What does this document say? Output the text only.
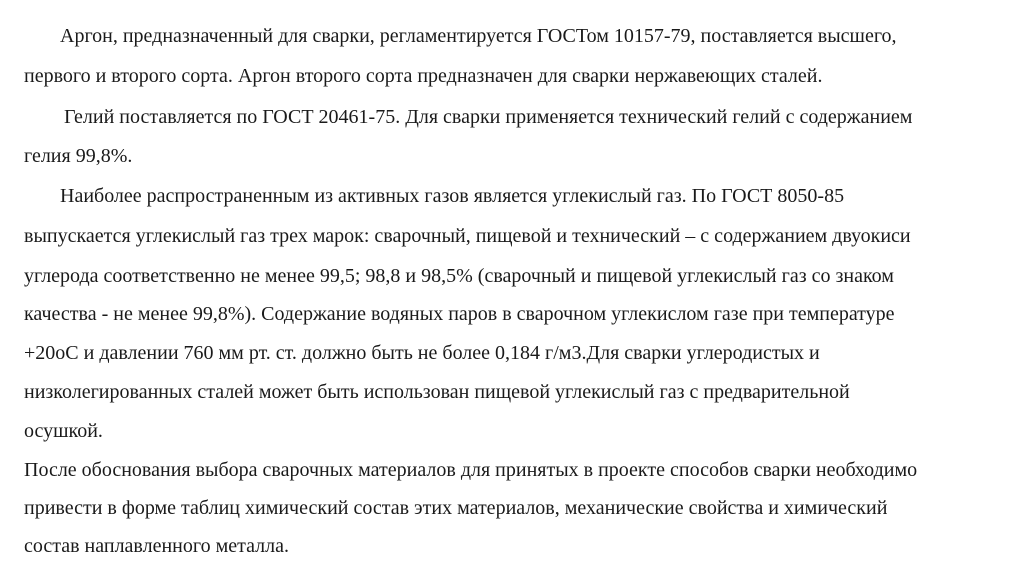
Аргон, предназначенный для сварки, регламентируется ГОСТом 10157-79, поставляется высшего,
первого и второго сорта. Аргон второго сорта предназначен для сварки нержавеющих сталей.
Гелий поставляется по ГОСТ 20461-75. Для сварки применяется технический гелий с содержанием
гелия 99,8%.
Наиболее распространенным из активных газов является углекислый газ. По ГОСТ 8050-85
выпускается углекислый газ трех марок: сварочный, пищевой и технический – с содержанием двуокиси
углерода соответственно не менее 99,5; 98,8 и 98,5% (сварочный и пищевой углекислый газ со знаком
качества - не менее 99,8%). Содержание водяных паров в сварочном углекислом газе при температуре
+20оС и давлении 760 мм рт. ст. должно быть не более 0,184 г/м3.Для сварки углеродистых и
низколегированных сталей может быть использован пищевой углекислый газ с предварительной
осушкой.
После обоснования выбора сварочных материалов для принятых в проекте способов сварки необходимо
привести в форме таблиц химический состав этих материалов, механические свойства и химический
состав наплавленного металла.
